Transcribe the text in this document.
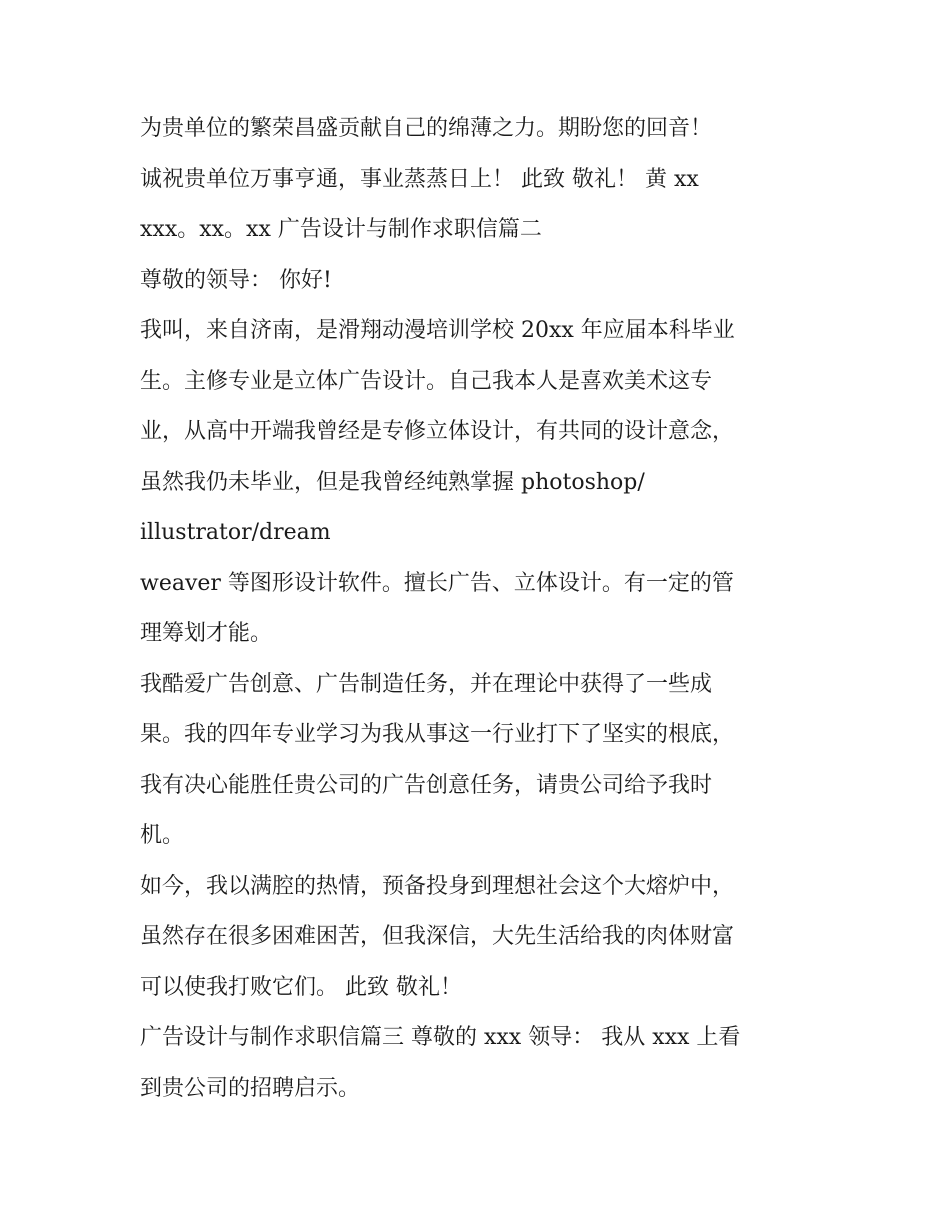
为贵单位的繁荣昌盛贡献自己的绵薄之力。期盼您的回音！
诚祝贵单位万事亨通，事业蒸蒸日上！ 此致 敬礼！ 黄 xx
xxx。xx。xx 广告设计与制作求职信篇二
尊敬的领导： 你好!
我叫，来自济南，是滑翔动漫培训学校 20xx 年应届本科毕业
生。主修专业是立体广告设计。自己我本人是喜欢美术这专
业，从高中开端我曾经是专修立体设计，有共同的设计意念，
虽然我仍未毕业，但是我曾经纯熟掌握 photoshop/
illustrator/dream
weaver 等图形设计软件。擅长广告、立体设计。有一定的管
理筹划才能。
我酷爱广告创意、广告制造任务，并在理论中获得了一些成
果。我的四年专业学习为我从事这一行业打下了坚实的根底，
我有决心能胜任贵公司的广告创意任务，请贵公司给予我时
机。
如今，我以满腔的热情，预备投身到理想社会这个大熔炉中，
虽然存在很多困难困苦，但我深信，大先生活给我的肉体财富
可以使我打败它们。 此致 敬礼！
广告设计与制作求职信篇三 尊敬的 xxx 领导： 我从 xxx 上看
到贵公司的招聘启示。
